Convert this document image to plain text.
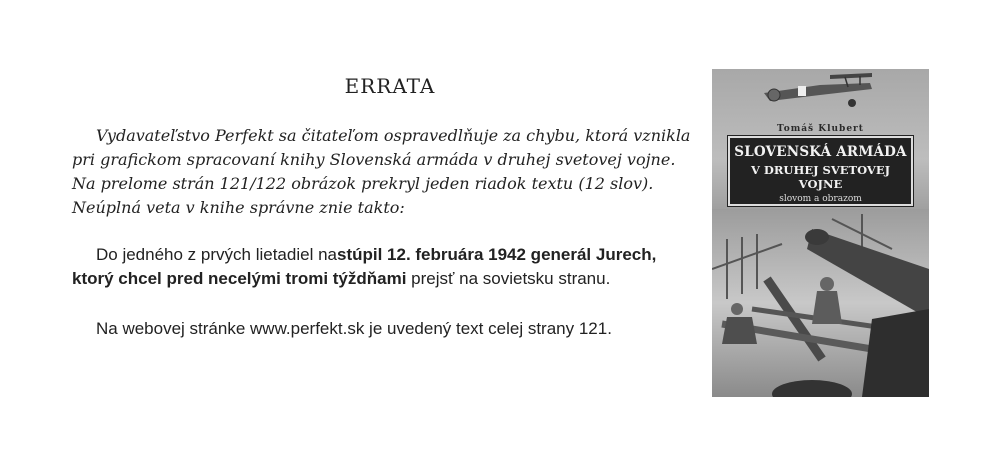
ERRATA
Vydavateľstvo Perfekt sa čitateľom ospravedlňuje za chybu, ktorá vznikla
pri grafickom spracovaní knihy Slovenská armáda v druhej svetovej vojne.
Na prelome strán 121/122 obrázok prekryl jeden riadok textu (12 slov).
Neúplná veta v knihe správne znie takto:
Do jedného z prvých lietadiel nastúpil 12. februára 1942 generál Jurech,
ktorý chcel pred necelými tromi týždňami prejsť na sovietsku stranu.
Na webovej stránke www.perfekt.sk je uvedený text celej strany 121.
Tomáš Klubert
SLOVENSKÁ ARMÁDA
V DRUHEJ SVETOVEJ VOJNE
slovom a obrazom
